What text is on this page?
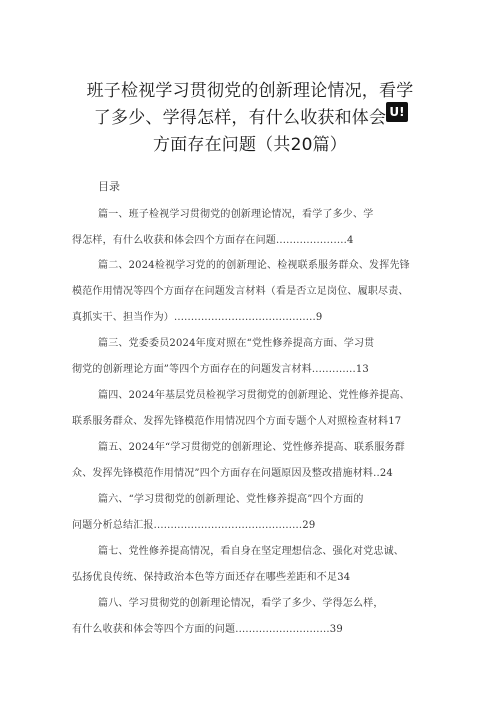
班子检视学习贯彻党的创新理论情况，看学
了多少、学得怎样，有什么收获和体会 U!
方面存在问题（共20篇）
目录
篇一、班子检视学习贯彻党的创新理论情况，看学了多少、学
得怎样，有什么收获和体会四个方面存在问题.....................4
篇二、2024检视学习党的的创新理论、检视联系服务群众、发挥先锋
模范作用情况等四个方面存在问题发言材料（看是否立足岗位、履职尽责、
真抓实干、担当作为）..........................................9
篇三、党委委员2024年度对照在“党性修养提高方面、学习贯
彻党的创新理论方面”等四个方面存在的问题发言材料.............13
篇四、2024年基层党员检视学习贯彻党的创新理论、党性修养提高、
联系服务群众、发挥先锋模范作用情况四个方面专题个人对照检查材料17
篇五、2024年“学习贯彻党的创新理论、党性修养提高、联系服务群
众、发挥先锋模范作用情况”四个方面存在问题原因及整改措施材料..24
篇六、“学习贯彻党的创新理论、党性修养提高”四个方面的
问题分析总结汇报............................................29
篇七、党性修养提高情况，看自身在坚定理想信念、强化对党忠诚、
弘扬优良传统、保持政治本色等方面还存在哪些差距和不足34
篇八、学习贯彻党的创新理论情况，看学了多少、学得怎么样，
有什么收获和体会等四个方面的问题............................39
